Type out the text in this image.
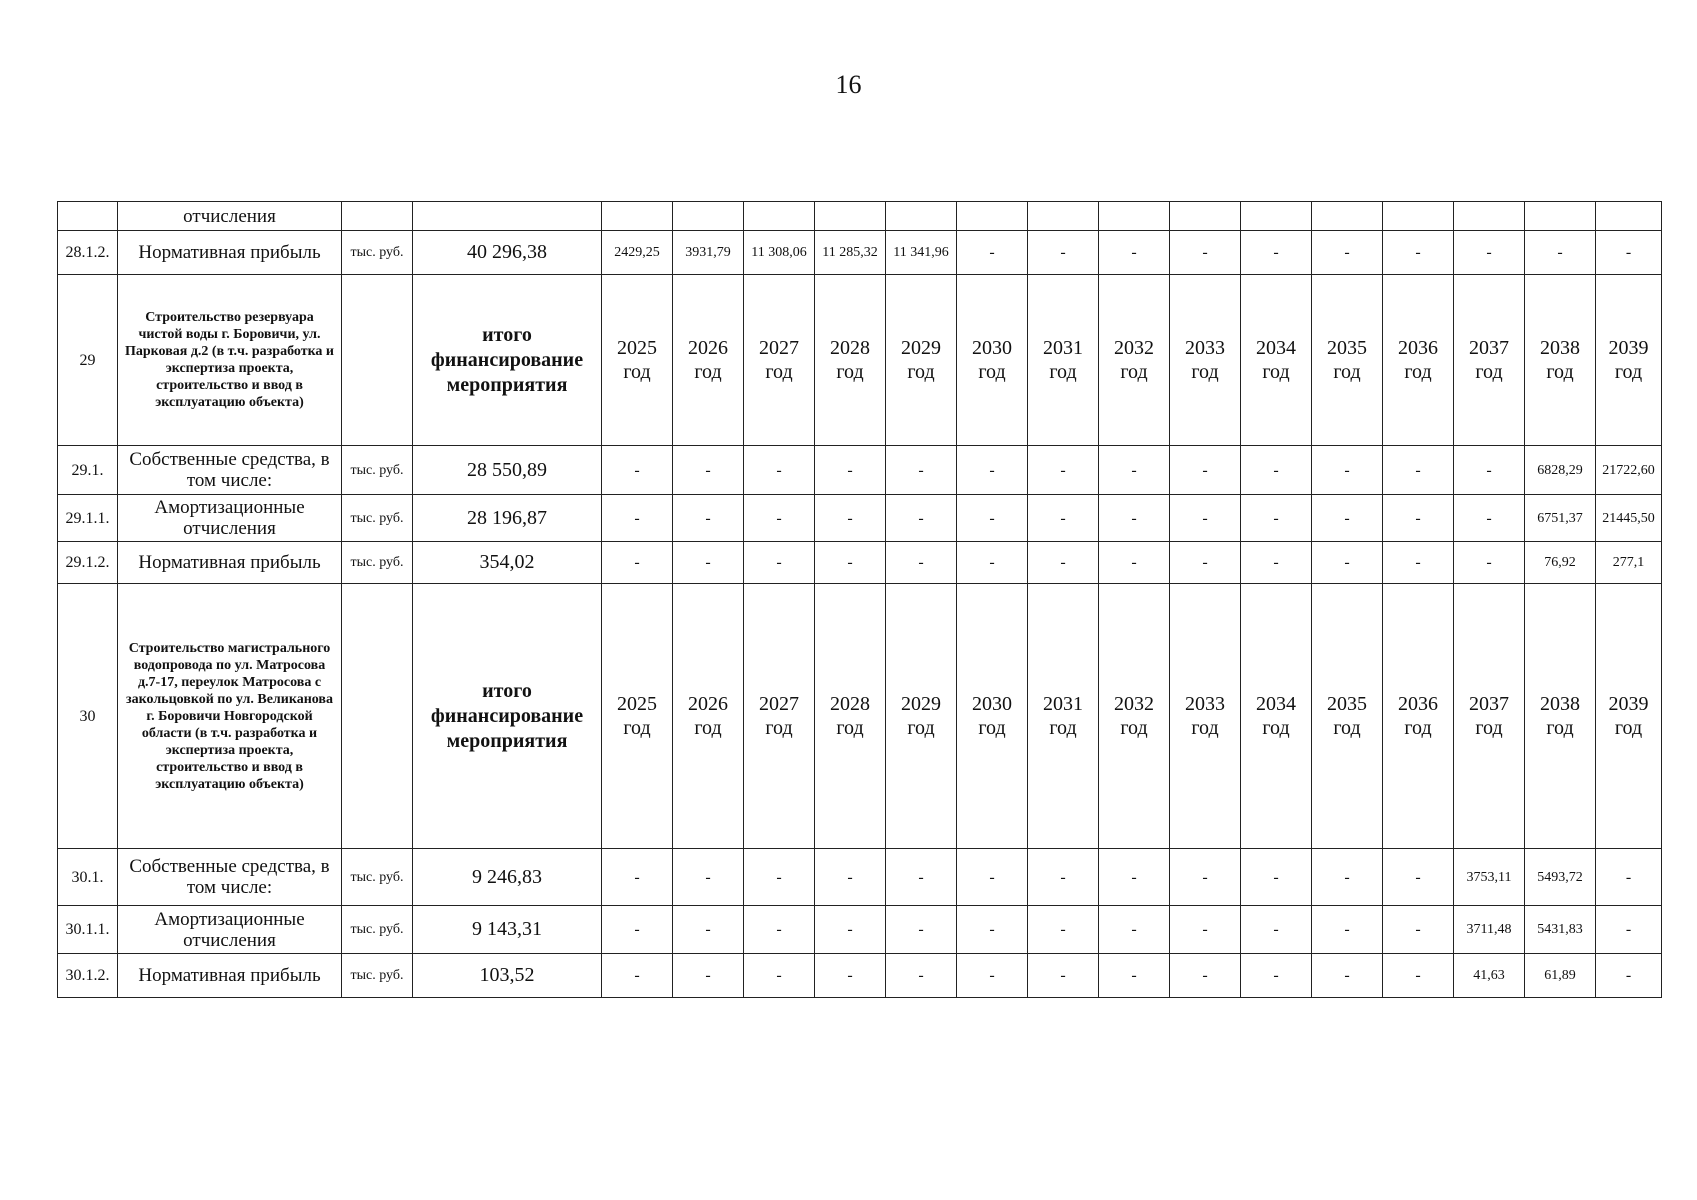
16
	отчисления																	
28.1.2.	Нормативная прибыль	тыс. руб.	40 296,38	2429,25	3931,79	11 308,06	11 285,32	11 341,96	-	-	-	-	-	-	-	-	-	-
29	Строительство резервуара чистой воды г. Боровичи, ул. Парковая д.2 (в т.ч. разработка и экспертиза проекта, строительство и ввод в эксплуатацию объекта)		итого финансирование мероприятия	2025 год	2026 год	2027 год	2028 год	2029 год	2030 год	2031 год	2032 год	2033 год	2034 год	2035 год	2036 год	2037 год	2038 год	2039 год
29.1.	Собственные средства, в том числе:	тыс. руб.	28 550,89	-	-	-	-	-	-	-	-	-	-	-	-	-	6828,29	21722,60
29.1.1.	Амортизационные отчисления	тыс. руб.	28 196,87	-	-	-	-	-	-	-	-	-	-	-	-	-	6751,37	21445,50
29.1.2.	Нормативная прибыль	тыс. руб.	354,02	-	-	-	-	-	-	-	-	-	-	-	-	-	76,92	277,1
30	Строительство магистрального водопровода по ул. Матросова д.7-17, переулок Матросова с закольцовкой по ул. Великанова г. Боровичи Новгородской области (в т.ч. разработка и экспертиза проекта, строительство и ввод в эксплуатацию объекта)		итого финансирование мероприятия	2025 год	2026 год	2027 год	2028 год	2029 год	2030 год	2031 год	2032 год	2033 год	2034 год	2035 год	2036 год	2037 год	2038 год	2039 год
30.1.	Собственные средства, в том числе:	тыс. руб.	9 246,83	-	-	-	-	-	-	-	-	-	-	-	-	3753,11	5493,72	-
30.1.1.	Амортизационные отчисления	тыс. руб.	9 143,31	-	-	-	-	-	-	-	-	-	-	-	-	3711,48	5431,83	-
30.1.2.	Нормативная прибыль	тыс. руб.	103,52	-	-	-	-	-	-	-	-	-	-	-	-	41,63	61,89	-
